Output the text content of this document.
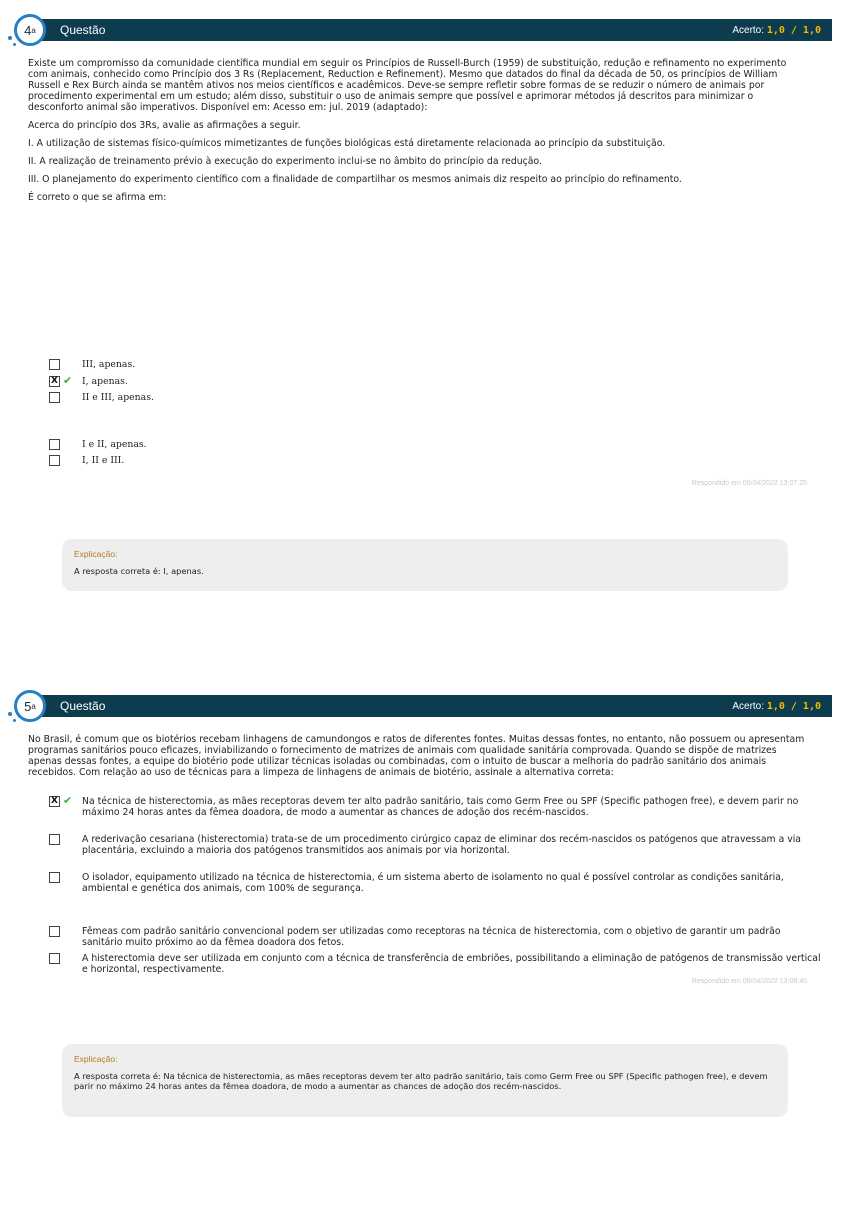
4 a Questão	Acerto: 1,0 / 1,0

Existe um compromisso da comunidade científica mundial em seguir os Princípios de Russell-Burch (1959) de substituição, redução e refinamento no experimento com animais, conhecido como Princípio dos 3 Rs (Replacement, Reduction e Refinement). Mesmo que datados do final da década de 50, os princípios de William Russell e Rex Burch ainda se mantêm ativos nos meios científicos e acadêmicos. Deve-se sempre refletir sobre formas de se reduzir o número de animais por procedimento experimental em um estudo; além disso, substituir o uso de animais sempre que possível e aprimorar métodos já descritos para minimizar o desconforto animal são imperativos. Disponível em: Acesso em: jul. 2019 (adaptado):

Acerca do princípio dos 3Rs, avalie as afirmações a seguir.

I. A utilização de sistemas físico-químicos mimetizantes de funções biológicas está diretamente relacionada ao princípio da substituição.

II. A realização de treinamento prévio à execução do experimento inclui-se no âmbito do princípio da redução.

III. O planejamento do experimento científico com a finalidade de compartilhar os mesmos animais diz respeito ao princípio do refinamento.

É correto o que se afirma em:

III, apenas.
X ✔ I, apenas.
II e III, apenas.
I e II, apenas.
I, II e III.
Respondido em 05/04/2022 13:07:25
Explicação:
A resposta correta é: I, apenas.
5 a Questão	Acerto: 1,0 / 1,0

No Brasil, é comum que os biotérios recebam linhagens de camundongos e ratos de diferentes fontes. Muitas dessas fontes, no entanto, não possuem ou apresentam programas sanitários pouco eficazes, inviabilizando o fornecimento de matrizes de animais com qualidade sanitária comprovada. Quando se dispõe de matrizes apenas dessas fontes, a equipe do biotério pode utilizar técnicas isoladas ou combinadas, com o intuito de buscar a melhoria do padrão sanitário dos animais recebidos. Com relação ao uso de técnicas para a limpeza de linhagens de animais de biotério, assinale a alternativa correta:

X ✔ Na técnica de histerectomia, as mães receptoras devem ter alto padrão sanitário, tais como Germ Free ou SPF (Specific pathogen free), e devem parir no máximo 24 horas antes da fêmea doadora, de modo a aumentar as chances de adoção dos recém-nascidos.
A rederivação cesariana (histerectomia) trata-se de um procedimento cirúrgico capaz de eliminar dos recém-nascidos os patógenos que atravessam a via placentária, excluindo a maioria dos patógenos transmitidos aos animais por via horizontal.
O isolador, equipamento utilizado na técnica de histerectomia, é um sistema aberto de isolamento no qual é possível controlar as condições sanitária, ambiental e genética dos animais, com 100% de segurança.
Fêmeas com padrão sanitário convencional podem ser utilizadas como receptoras na técnica de histerectomia, com o objetivo de garantir um padrão sanitário muito próximo ao da fêmea doadora dos fetos.
A histerectomia deve ser utilizada em conjunto com a técnica de transferência de embriões, possibilitando a eliminação de patógenos de transmissão vertical e horizontal, respectivamente.
Respondido em 05/04/2022 13:09:40
Explicação:
A resposta correta é: Na técnica de histerectomia, as mães receptoras devem ter alto padrão sanitário, tais como Germ Free ou SPF (Specific pathogen free), e devem parir no máximo 24 horas antes da fêmea doadora, de modo a aumentar as chances de adoção dos recém-nascidos.
